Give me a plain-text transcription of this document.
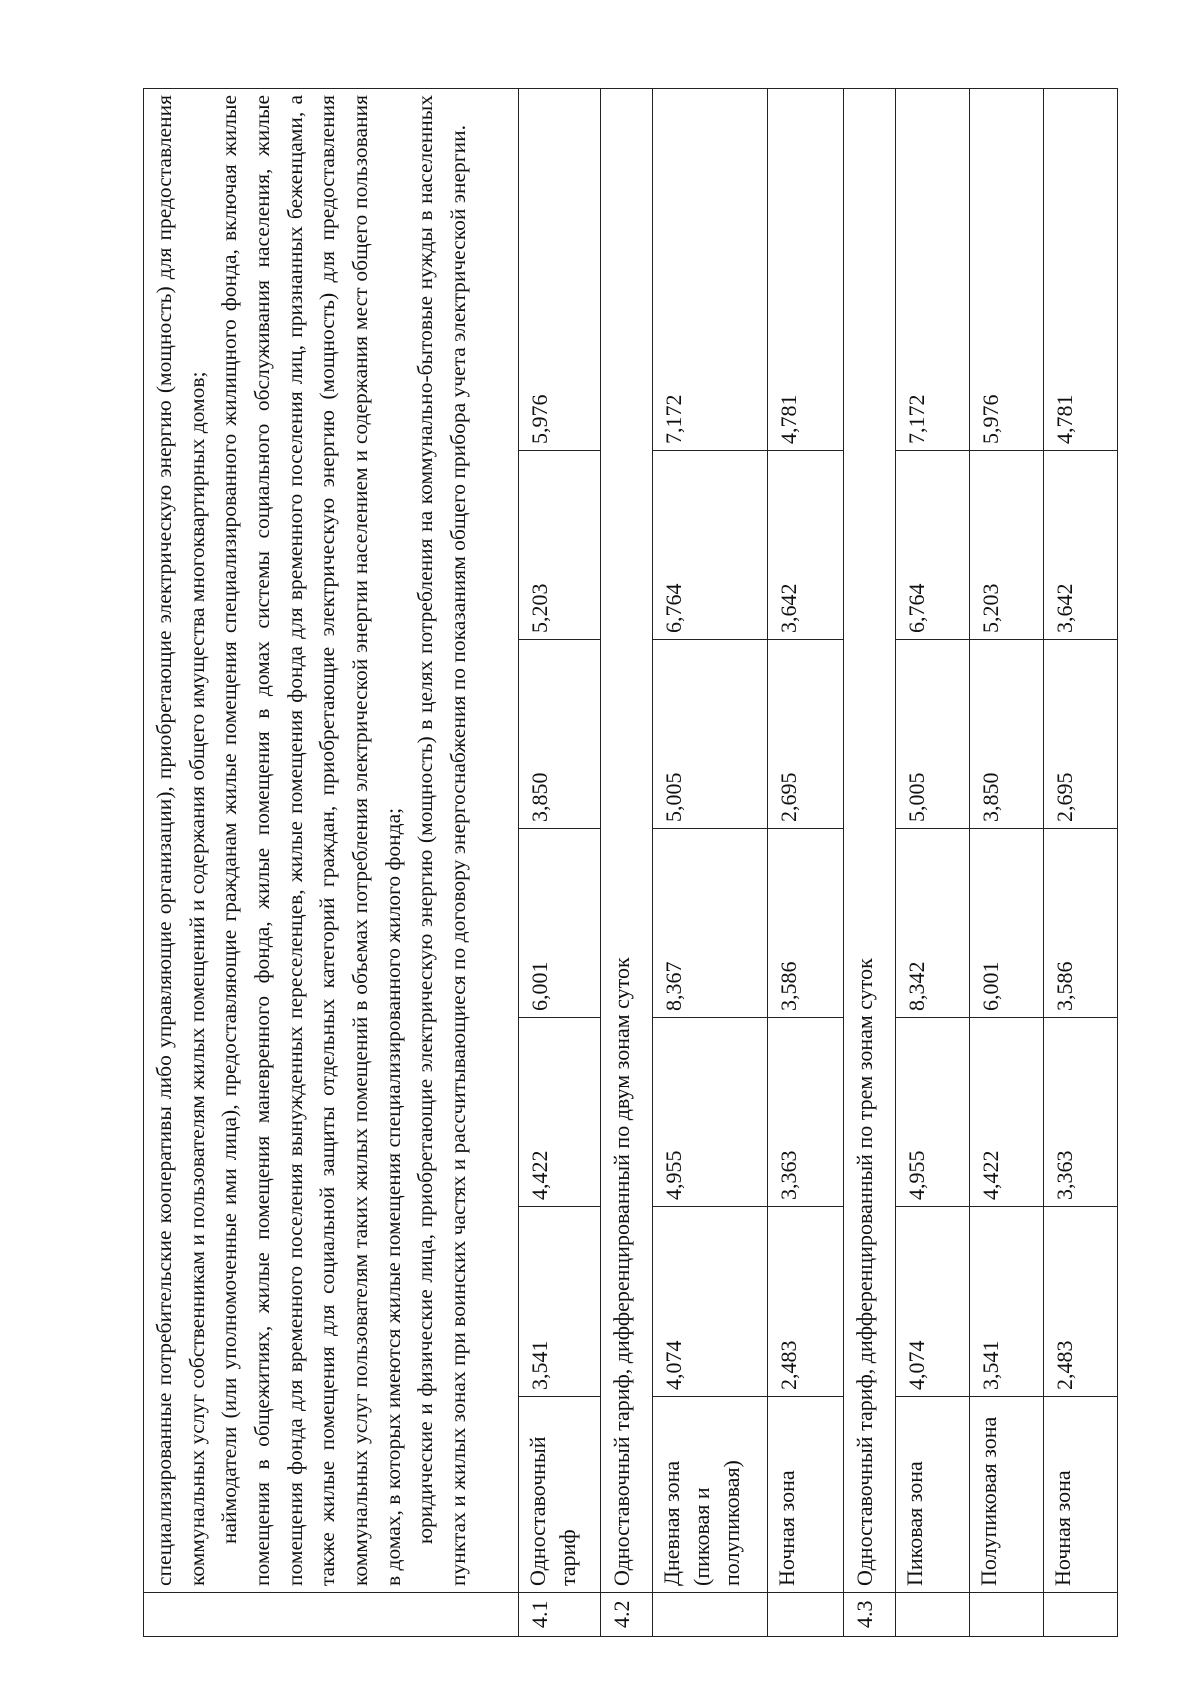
	специализированные потребительские кооперативы либо управляющие организации), приобретающие электрическую энергию (мощность) для предоставления коммунальных услуг собственникам и пользователям жилых помещений и содержания общего имущества многоквартирных домов; наймодатели (или уполномоченные ими лица), предоставляющие гражданам жилые помещения специализированного жилищного фонда, включая жилые помещения в общежитиях, жилые помещения маневренного фонда, жилые помещения в домах системы социального обслуживания населения, жилые помещения фонда для временного поселения вынужденных переселенцев, жилые помещения фонда для временного поселения лиц, признанных беженцами, а также жилые помещения для социальной защиты отдельных категорий граждан, приобретающие электрическую энергию (мощность) для предоставления коммунальных услуг пользователям таких жилых помещений в объемах потребления электрической энергии населением и содержания мест общего пользования в домах, в которых имеются жилые помещения специализированного жилого фонда; юридические и физические лица, приобретающие электрическую энергию (мощность) в целях потребления на коммунально-бытовые нужды в населенных пунктах и жилых зонах при воинских частях и рассчитывающиеся по договору энергоснабжения по показаниям общего прибора учета электрической энергии.						

4.1	Одноставочный тариф	3,541	4,422	6,001	3,850	5,203	5,976
4.2	Одноставочный тариф, дифференцированный по двум зонам суток						
	Дневная зона (пиковая и полупиковая)	4,074	4,955	8,367	5,005	6,764	7,172
	Ночная зона	2,483	3,363	3,586	2,695	3,642	4,781
4.3	Одноставочный тариф, дифференцированный по трем зонам суток						
	Пиковая зона	4,074	4,955	8,342	5,005	6,764	7,172
	Полупиковая зона	3,541	4,422	6,001	3,850	5,203	5,976
	Ночная зона	2,483	3,363	3,586	2,695	3,642	4,781
